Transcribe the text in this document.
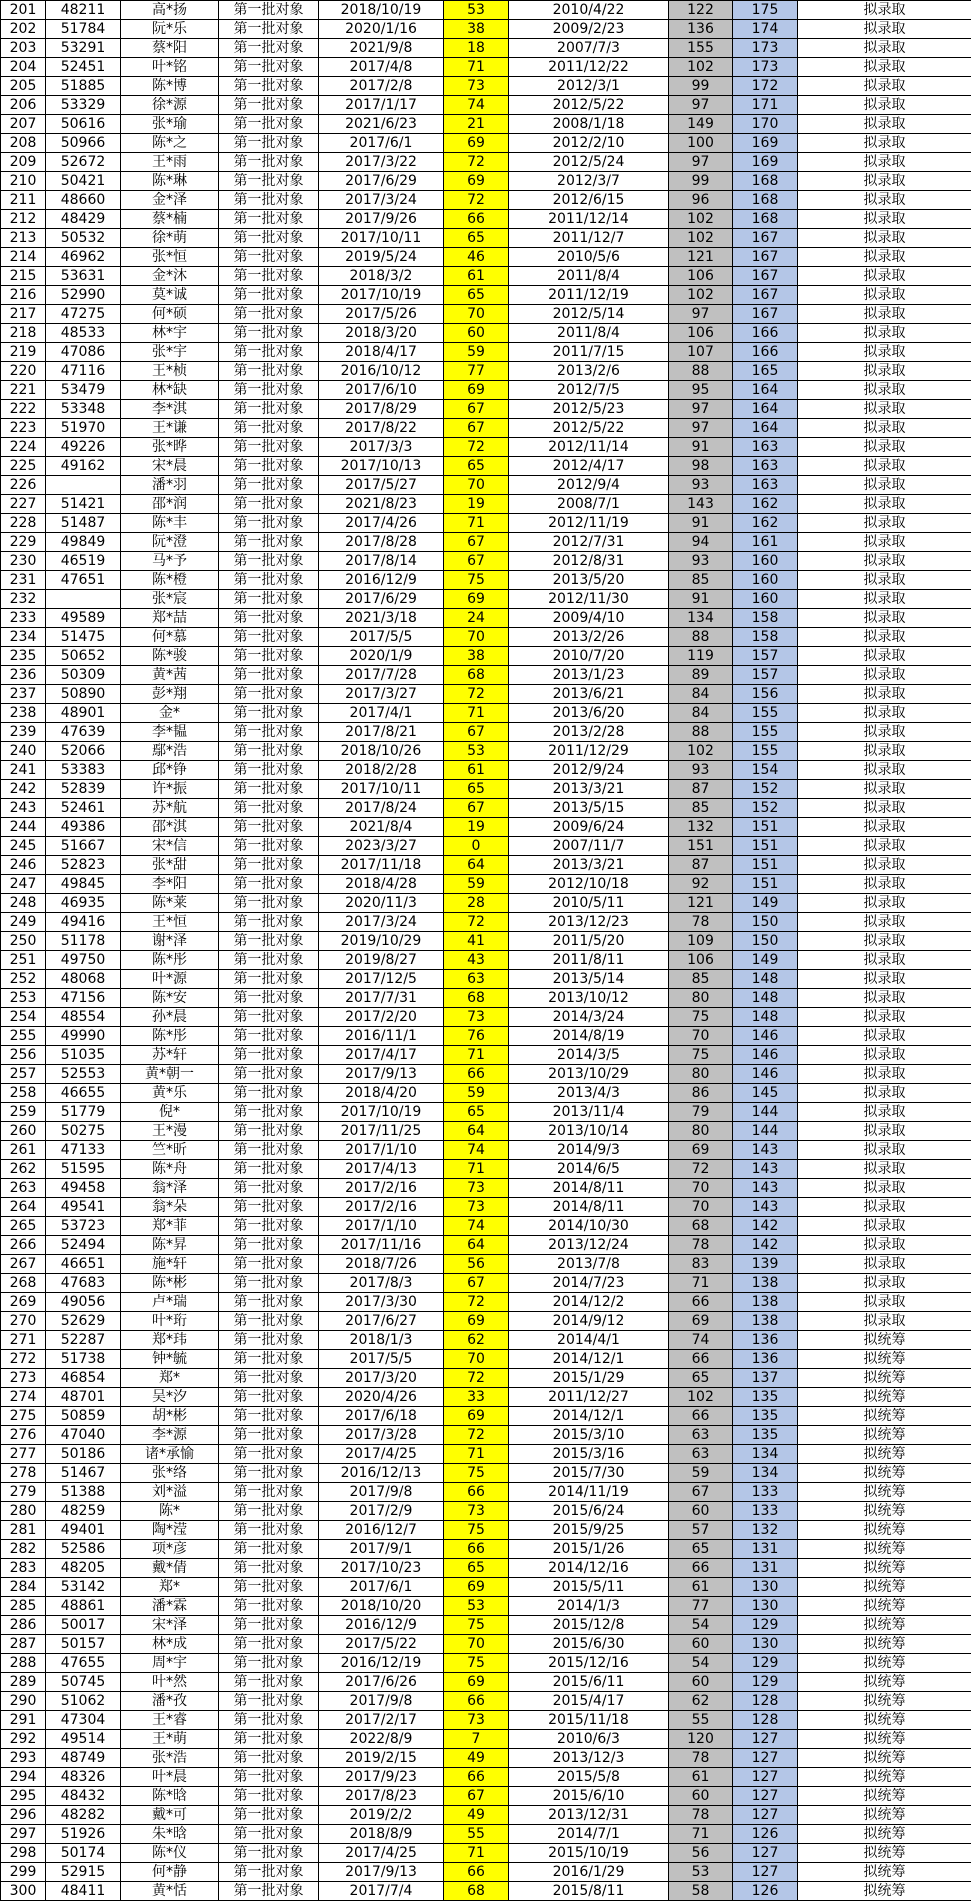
201	48211	高*扬	第一批对象	2018/10/19	53	2010/4/22	122	175	拟录取
202	51784	阮*乐	第一批对象	2020/1/16	38	2009/2/23	136	174	拟录取
203	53291	蔡*阳	第一批对象	2021/9/8	18	2007/7/3	155	173	拟录取
204	52451	叶*铭	第一批对象	2017/4/8	71	2011/12/22	102	173	拟录取
205	51885	陈*博	第一批对象	2017/2/8	73	2012/3/1	99	172	拟录取
206	53329	徐*源	第一批对象	2017/1/17	74	2012/5/22	97	171	拟录取
207	50616	张*瑜	第一批对象	2021/6/23	21	2008/1/18	149	170	拟录取
208	50966	陈*之	第一批对象	2017/6/1	69	2012/2/10	100	169	拟录取
209	52672	王*雨	第一批对象	2017/3/22	72	2012/5/24	97	169	拟录取
210	50421	陈*琳	第一批对象	2017/6/29	69	2012/3/7	99	168	拟录取
211	48660	金*泽	第一批对象	2017/3/24	72	2012/6/15	96	168	拟录取
212	48429	蔡*楠	第一批对象	2017/9/26	66	2011/12/14	102	168	拟录取
213	50532	徐*萌	第一批对象	2017/10/11	65	2011/12/7	102	167	拟录取
214	46962	张*恒	第一批对象	2019/5/24	46	2010/5/6	121	167	拟录取
215	53631	金*沐	第一批对象	2018/3/2	61	2011/8/4	106	167	拟录取
216	52990	莫*诚	第一批对象	2017/10/19	65	2011/12/19	102	167	拟录取
217	47275	何*硕	第一批对象	2017/5/26	70	2012/5/14	97	167	拟录取
218	48533	林*宇	第一批对象	2018/3/20	60	2011/8/4	106	166	拟录取
219	47086	张*宇	第一批对象	2018/4/17	59	2011/7/15	107	166	拟录取
220	47116	王*桢	第一批对象	2016/10/12	77	2013/2/6	88	165	拟录取
221	53479	林*缺	第一批对象	2017/6/10	69	2012/7/5	95	164	拟录取
222	53348	李*淇	第一批对象	2017/8/29	67	2012/5/23	97	164	拟录取
223	51970	王*谦	第一批对象	2017/8/22	67	2012/5/22	97	164	拟录取
224	49226	张*晔	第一批对象	2017/3/3	72	2012/11/14	91	163	拟录取
225	49162	宋*晨	第一批对象	2017/10/13	65	2012/4/17	98	163	拟录取
226		潘*羽	第一批对象	2017/5/27	70	2012/9/4	93	163	拟录取
227	51421	邵*润	第一批对象	2021/8/23	19	2008/7/1	143	162	拟录取
228	51487	陈*丰	第一批对象	2017/4/26	71	2012/11/19	91	162	拟录取
229	49849	阮*澄	第一批对象	2017/8/28	67	2012/7/31	94	161	拟录取
230	46519	马*予	第一批对象	2017/8/14	67	2012/8/31	93	160	拟录取
231	47651	陈*橙	第一批对象	2016/12/9	75	2013/5/20	85	160	拟录取
232		张*宸	第一批对象	2017/6/29	69	2012/11/30	91	160	拟录取
233	49589	郑*喆	第一批对象	2021/3/18	24	2009/4/10	134	158	拟录取
234	51475	何*慕	第一批对象	2017/5/5	70	2013/2/26	88	158	拟录取
235	50652	陈*骏	第一批对象	2020/1/9	38	2010/7/20	119	157	拟录取
236	50309	黄*茜	第一批对象	2017/7/28	68	2013/1/23	89	157	拟录取
237	50890	彭*翔	第一批对象	2017/3/27	72	2013/6/21	84	156	拟录取
238	48901	金*	第一批对象	2017/4/1	71	2013/6/20	84	155	拟录取
239	47639	李*韫	第一批对象	2017/8/21	67	2013/2/28	88	155	拟录取
240	52066	鄢*浩	第一批对象	2018/10/26	53	2011/12/29	102	155	拟录取
241	53383	邱*铮	第一批对象	2018/2/28	61	2012/9/24	93	154	拟录取
242	52839	许*振	第一批对象	2017/10/11	65	2013/3/21	87	152	拟录取
243	52461	苏*航	第一批对象	2017/8/24	67	2013/5/15	85	152	拟录取
244	49386	邵*淇	第一批对象	2021/8/4	19	2009/6/24	132	151	拟录取
245	51667	宋*信	第一批对象	2023/3/27	0	2007/11/7	151	151	拟录取
246	52823	张*甜	第一批对象	2017/11/18	64	2013/3/21	87	151	拟录取
247	49845	李*阳	第一批对象	2018/4/28	59	2012/10/18	92	151	拟录取
248	46935	陈*莱	第一批对象	2020/11/3	28	2010/5/11	121	149	拟录取
249	49416	王*恒	第一批对象	2017/3/24	72	2013/12/23	78	150	拟录取
250	51178	谢*泽	第一批对象	2019/10/29	41	2011/5/20	109	150	拟录取
251	49750	陈*彤	第一批对象	2019/8/27	43	2011/8/11	106	149	拟录取
252	48068	叶*源	第一批对象	2017/12/5	63	2013/5/14	85	148	拟录取
253	47156	陈*安	第一批对象	2017/7/31	68	2013/10/12	80	148	拟录取
254	48554	孙*晨	第一批对象	2017/2/20	73	2014/3/24	75	148	拟录取
255	49990	陈*彤	第一批对象	2016/11/1	76	2014/8/19	70	146	拟录取
256	51035	苏*轩	第一批对象	2017/4/17	71	2014/3/5	75	146	拟录取
257	52553	黄*朝一	第一批对象	2017/9/13	66	2013/10/29	80	146	拟录取
258	46655	黄*乐	第一批对象	2018/4/20	59	2013/4/3	86	145	拟录取
259	51779	倪*	第一批对象	2017/10/19	65	2013/11/4	79	144	拟录取
260	50275	王*漫	第一批对象	2017/11/25	64	2013/10/14	80	144	拟录取
261	47133	竺*昕	第一批对象	2017/1/10	74	2014/9/3	69	143	拟录取
262	51595	陈*舟	第一批对象	2017/4/13	71	2014/6/5	72	143	拟录取
263	49458	翁*泽	第一批对象	2017/2/16	73	2014/8/11	70	143	拟录取
264	49541	翁*朵	第一批对象	2017/2/16	73	2014/8/11	70	143	拟录取
265	53723	郑*菲	第一批对象	2017/1/10	74	2014/10/30	68	142	拟录取
266	52494	陈*昇	第一批对象	2017/11/16	64	2013/12/24	78	142	拟录取
267	46651	施*轩	第一批对象	2018/7/26	56	2013/7/8	83	139	拟录取
268	47683	陈*彬	第一批对象	2017/8/3	67	2014/7/23	71	138	拟录取
269	49056	卢*瑞	第一批对象	2017/3/30	72	2014/12/2	66	138	拟录取
270	52629	叶*珩	第一批对象	2017/6/27	69	2014/9/12	69	138	拟录取
271	52287	郑*玮	第一批对象	2018/1/3	62	2014/4/1	74	136	拟统筹
272	51738	钟*毓	第一批对象	2017/5/5	70	2014/12/1	66	136	拟统筹
273	46854	郑*	第一批对象	2017/3/20	72	2015/1/29	65	137	拟统筹
274	48701	吴*汐	第一批对象	2020/4/26	33	2011/12/27	102	135	拟统筹
275	50859	胡*彬	第一批对象	2017/6/18	69	2014/12/1	66	135	拟统筹
276	47040	李*源	第一批对象	2017/3/28	72	2015/3/10	63	135	拟统筹
277	50186	诸*承愉	第一批对象	2017/4/25	71	2015/3/16	63	134	拟统筹
278	51467	张*络	第一批对象	2016/12/13	75	2015/7/30	59	134	拟统筹
279	51388	刘*溢	第一批对象	2017/9/8	66	2014/11/19	67	133	拟统筹
280	48259	陈*	第一批对象	2017/2/9	73	2015/6/24	60	133	拟统筹
281	49401	陶*滢	第一批对象	2016/12/7	75	2015/9/25	57	132	拟统筹
282	52586	项*彦	第一批对象	2017/9/1	66	2015/1/26	65	131	拟统筹
283	48205	戴*倩	第一批对象	2017/10/23	65	2014/12/16	66	131	拟统筹
284	53142	郑*	第一批对象	2017/6/1	69	2015/5/11	61	130	拟统筹
285	48861	潘*霖	第一批对象	2018/10/20	53	2014/1/3	77	130	拟统筹
286	50017	宋*泽	第一批对象	2016/12/9	75	2015/12/8	54	129	拟统筹
287	50157	林*成	第一批对象	2017/5/22	70	2015/6/30	60	130	拟统筹
288	47655	周*宇	第一批对象	2016/12/19	75	2015/12/16	54	129	拟统筹
289	50745	叶*然	第一批对象	2017/6/26	69	2015/6/11	60	129	拟统筹
290	51062	潘*孜	第一批对象	2017/9/8	66	2015/4/17	62	128	拟统筹
291	47304	王*睿	第一批对象	2017/2/17	73	2015/11/18	55	128	拟统筹
292	49514	王*萌	第一批对象	2022/8/9	7	2010/6/3	120	127	拟统筹
293	48749	张*浩	第一批对象	2019/2/15	49	2013/12/3	78	127	拟统筹
294	48326	叶*晨	第一批对象	2017/9/23	66	2015/5/8	61	127	拟统筹
295	48432	陈*晗	第一批对象	2017/8/23	67	2015/6/10	60	127	拟统筹
296	48282	戴*可	第一批对象	2019/2/2	49	2013/12/31	78	127	拟统筹
297	51926	朱*晗	第一批对象	2018/8/9	55	2014/7/1	71	126	拟统筹
298	50174	陈*仪	第一批对象	2017/4/25	71	2015/10/19	56	127	拟统筹
299	52915	何*静	第一批对象	2017/9/13	66	2016/1/29	53	127	拟统筹
300	48411	黄*恬	第一批对象	2017/7/4	68	2015/8/11	58	126	拟统筹
